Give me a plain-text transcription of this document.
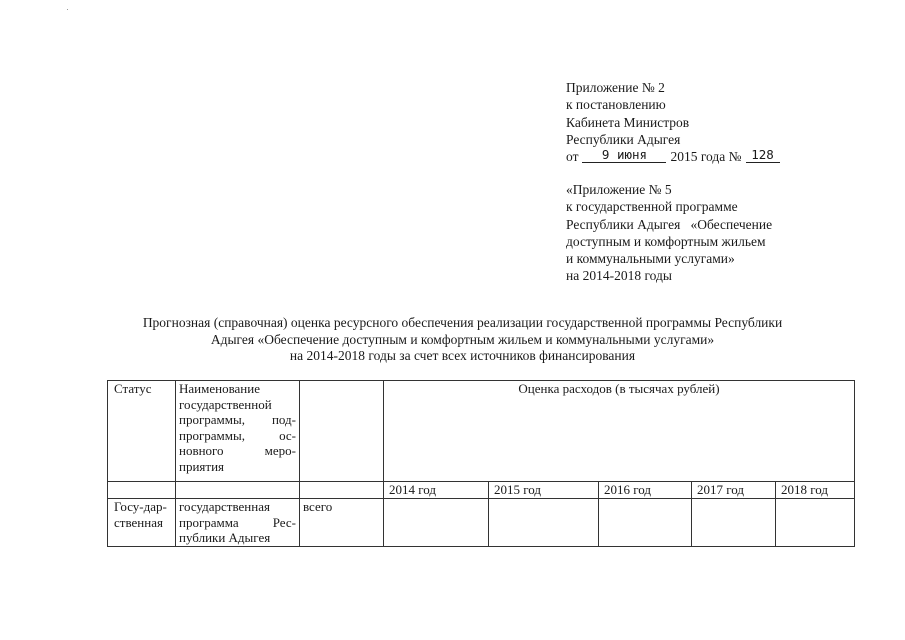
Приложение № 2
к постановлению
Кабинета Министров
Республики Адыгея
от 9 июня 2015 года № 128
«Приложение № 5
к государственной программе
Республики Адыгея   «Обеспечение
доступным и комфортным жильем
и коммунальными услугами»
на 2014-2018 годы
Прогнозная (справочная) оценка ресурсного обеспечения реализации государственной программы Республики
Адыгея «Обеспечение доступным и комфортным жильем и коммунальными услугами»
на 2014-2018 годы за счет всех источников финансирования
Статус	Наименование государственной программы, под-программы, ос-новного меро-приятия		Оценка расходов (в тысячах рублей)				
			2014 год	2015 год	2016 год	2017 год	2018 год
Госу-дар-ственная	государственная программа Рес-публики Адыгея	всего					
